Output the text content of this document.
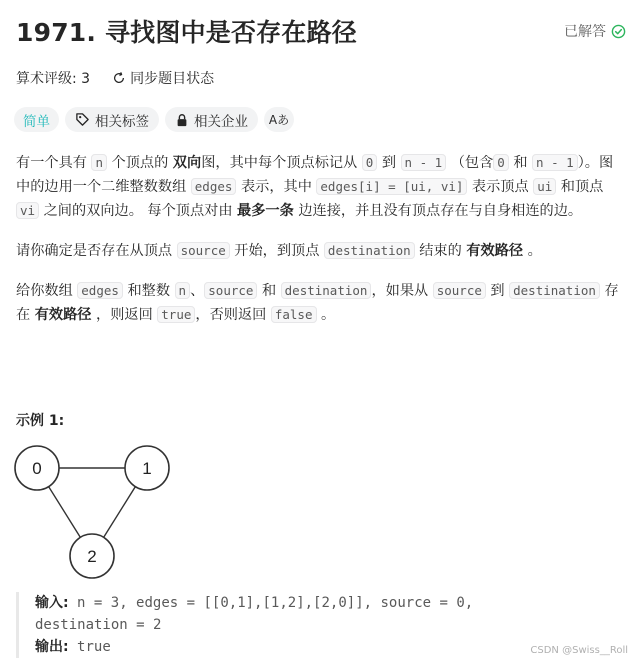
1971. 寻找图中是否存在路径	已解答
算术评级: 3	同步题目状态
简单	相关标签	相关企业	Aあ

有一个具有 n 个顶点的 双向图，其中每个顶点标记从 0 到 n - 1 （包含 0 和 n - 1 ）。图中的边用一个二维整数数组 edges 表示，其中 edges[i] = [ui, vi] 表示顶点 ui 和顶点 vi 之间的双向边。 每个顶点对由 最多一条 边连接，并且没有顶点存在与自身相连的边。

请你确定是否存在从顶点 source 开始，到顶点 destination 结束的 有效路径 。

给你数组 edges 和整数 n 、 source 和 destination ，如果从 source 到 destination 存在 有效路径 ，则返回 true ，否则返回 false 。

示例 1:
0	1
2
输入: n = 3, edges = [[0,1],[1,2],[2,0]], source = 0,
destination = 2
输出: true	CSDN @Swiss__Roll
